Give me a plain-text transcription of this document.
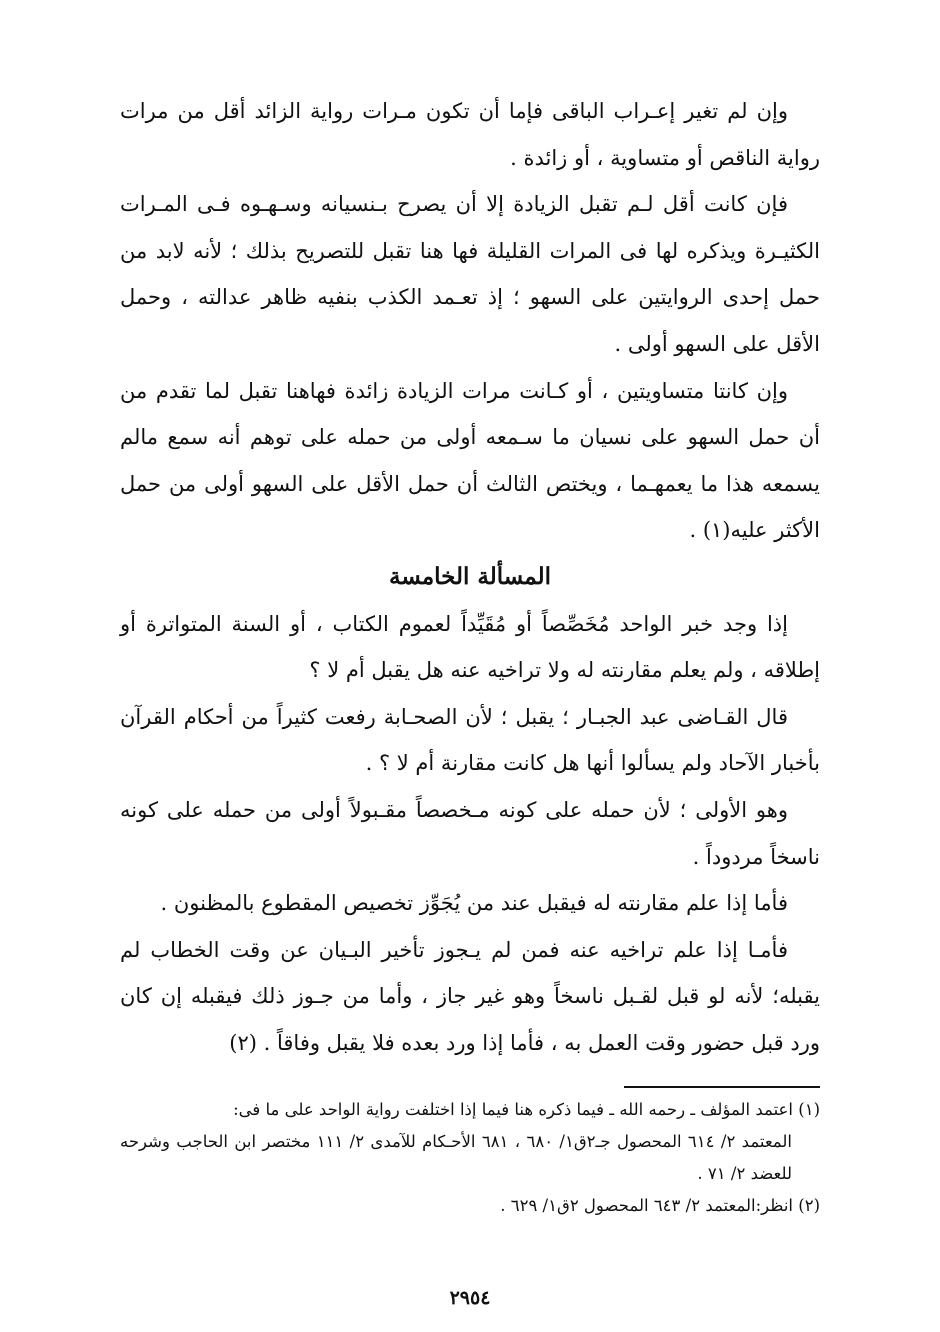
وإن لم تغير إعـراب الباقى فإما أن تكون مـرات رواية الزائد أقل من مرات رواية الناقص أو متساوية ، أو زائدة .

فإن كانت أقل لـم تقبل الزيادة إلا أن يصرح بـنسيانه وسـهـوه فـى المـرات الكثيـرة ويذكره لها فى المرات القليلة فها هنا تقبل للتصريح بذلك ؛ لأنه لابد من حمل إحدى الروايتين على السهو ؛ إذ تعـمد الكذب بنفيه ظاهر عدالته ، وحمل الأقل على السهو أولى .

وإن كانتا متساويتين ، أو كـانت مرات الزيادة زائدة فهاهنا تقبل لما تقدم من أن حمل السهو على نسيان ما سـمعه أولى من حمله على توهم أنه سمع مالم يسمعه هذا ما يعمهـما ، ويختص الثالث أن حمل الأقل على السهو أولى من حمل الأكثر عليه(١) .

المسألة الخامسة

إذا وجد خبر الواحد مُخَصِّصاً أو مُقَيِّداً لعموم الكتاب ، أو السنة المتواترة أو إطلاقه ، ولم يعلم مقارنته له ولا تراخيه عنه هل يقبل أم لا ؟

قال القـاضى عبد الجبـار ؛ يقبل ؛ لأن الصحـابة رفعت كثيراً من أحكام القرآن بأخبار الآحاد ولم يسألوا أنها هل كانت مقارنة أم لا ؟ .

وهو الأولى ؛ لأن حمله على كونه مـخصصاً مقـبولاً أولى من حمله على كونه ناسخاً مردوداً .

فأما إذا علم مقارنته له فيقبل عند من يُجَوِّز تخصيص المقطوع بالمظنون .

فأمـا إذا علم تراخيه عنه فمن لم يـجوز تأخير البـيان عن وقت الخطاب لم يقبله؛ لأنه لو قبل لقـبل ناسخاً وهو غير جاز ، وأما من جـوز ذلك فيقبله إن كان ورد قبل حضور وقت العمل به ، فأما إذا ورد بعده فلا يقبل وفاقاً . (٢)

(١) اعتمد المؤلف ـ رحمه الله ـ فيما ذكره هنا فيما إذا اختلفت رواية الواحد على ما فى:

المعتمد ٢/ ٦١٤ المحصول جـ٢ق١/ ٦٨٠ ، ٦٨١ الأحـكام للآمدى ٢/ ١١١ مختصر ابن الحاجب وشرحه للعضد ٢/ ٧١ .

(٢) انظر:المعتمد ٢/ ٦٤٣ المحصول ٢ق١/ ٦٢٩ .

٢٩٥٤
